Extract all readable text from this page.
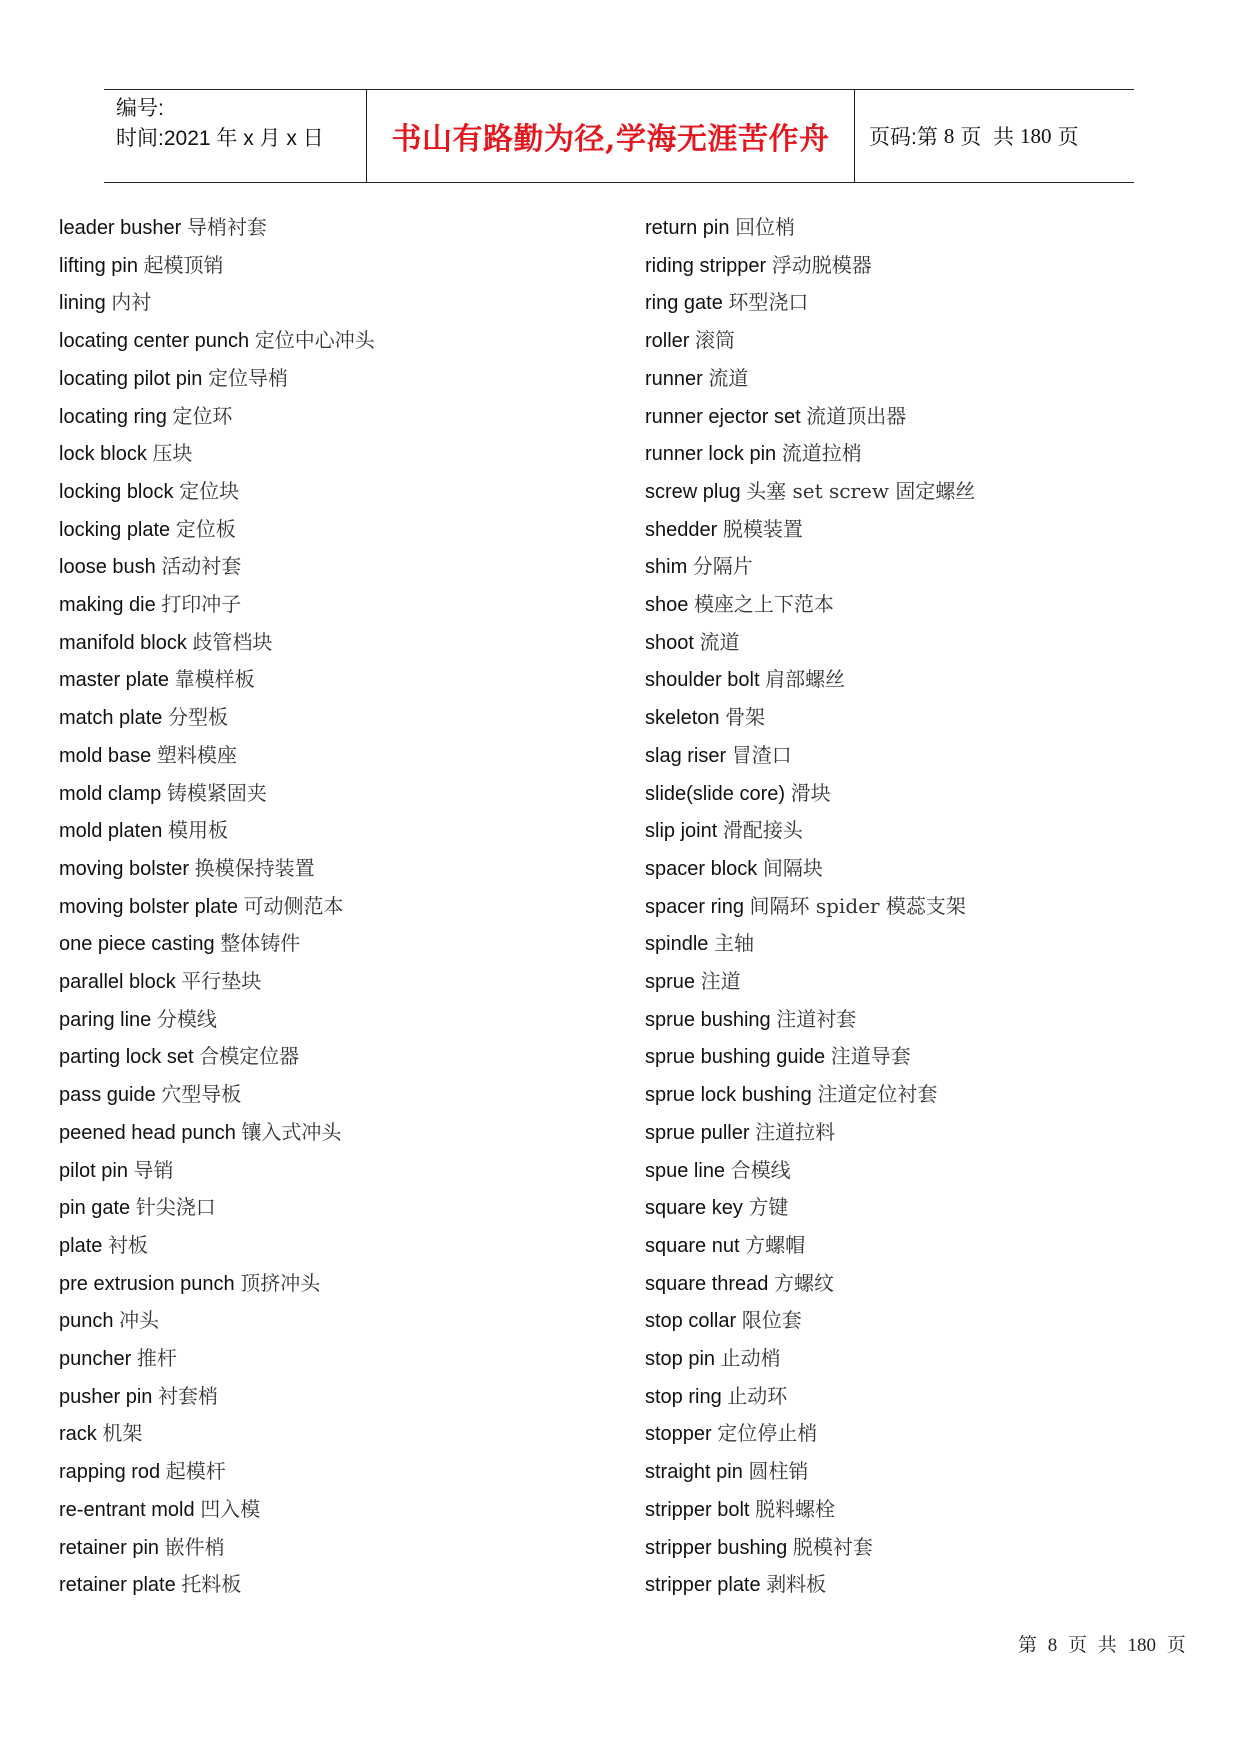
编号:
时间:2021 年 x 月 x 日	书山有路勤为径,学海无涯苦作舟 页码:第 8 页  共 180 页
leader busher 导梢衬套
lifting pin 起模顶销
lining 内衬
locating center punch 定位中心冲头
locating pilot pin 定位导梢
locating ring 定位环
lock block 压块
locking block 定位块
locking plate 定位板
loose bush 活动衬套
making die 打印冲子
manifold block 歧管档块
master plate 靠模样板
match plate 分型板
mold base 塑料模座
mold clamp 铸模紧固夹
mold platen 模用板
moving bolster 换模保持装置
moving bolster plate 可动侧范本
one piece casting 整体铸件
parallel block 平行垫块
paring line 分模线
parting lock set 合模定位器
pass guide 穴型导板
peened head punch 镶入式冲头
pilot pin 导销
pin gate 针尖浇口
plate 衬板
pre extrusion punch 顶挤冲头
punch 冲头
puncher 推杆
pusher pin 衬套梢
rack 机架
rapping rod 起模杆
re-entrant mold 凹入模
retainer pin 嵌件梢
retainer plate 托料板
return pin 回位梢
riding stripper 浮动脱模器
ring gate 环型浇口
roller 滚筒
runner 流道
runner ejector set 流道顶出器
runner lock pin 流道拉梢
screw plug 头塞 set screw 固定螺丝
shedder 脱模装置
shim 分隔片
shoe 模座之上下范本
shoot 流道
shoulder bolt 肩部螺丝
skeleton 骨架
slag riser 冒渣口
slide(slide core) 滑块
slip joint 滑配接头
spacer block 间隔块
spacer ring 间隔环 spider 模蕊支架
spindle 主轴
sprue 注道
sprue bushing 注道衬套
sprue bushing guide 注道导套
sprue lock bushing 注道定位衬套
sprue puller 注道拉料
spue line 合模线
square key 方键
square nut 方螺帽
square thread 方螺纹
stop collar 限位套
stop pin 止动梢
stop ring 止动环
stopper 定位停止梢
straight pin 圆柱销
stripper bolt 脱料螺栓
stripper bushing 脱模衬套
stripper plate 剥料板
第 8 页 共 180 页
